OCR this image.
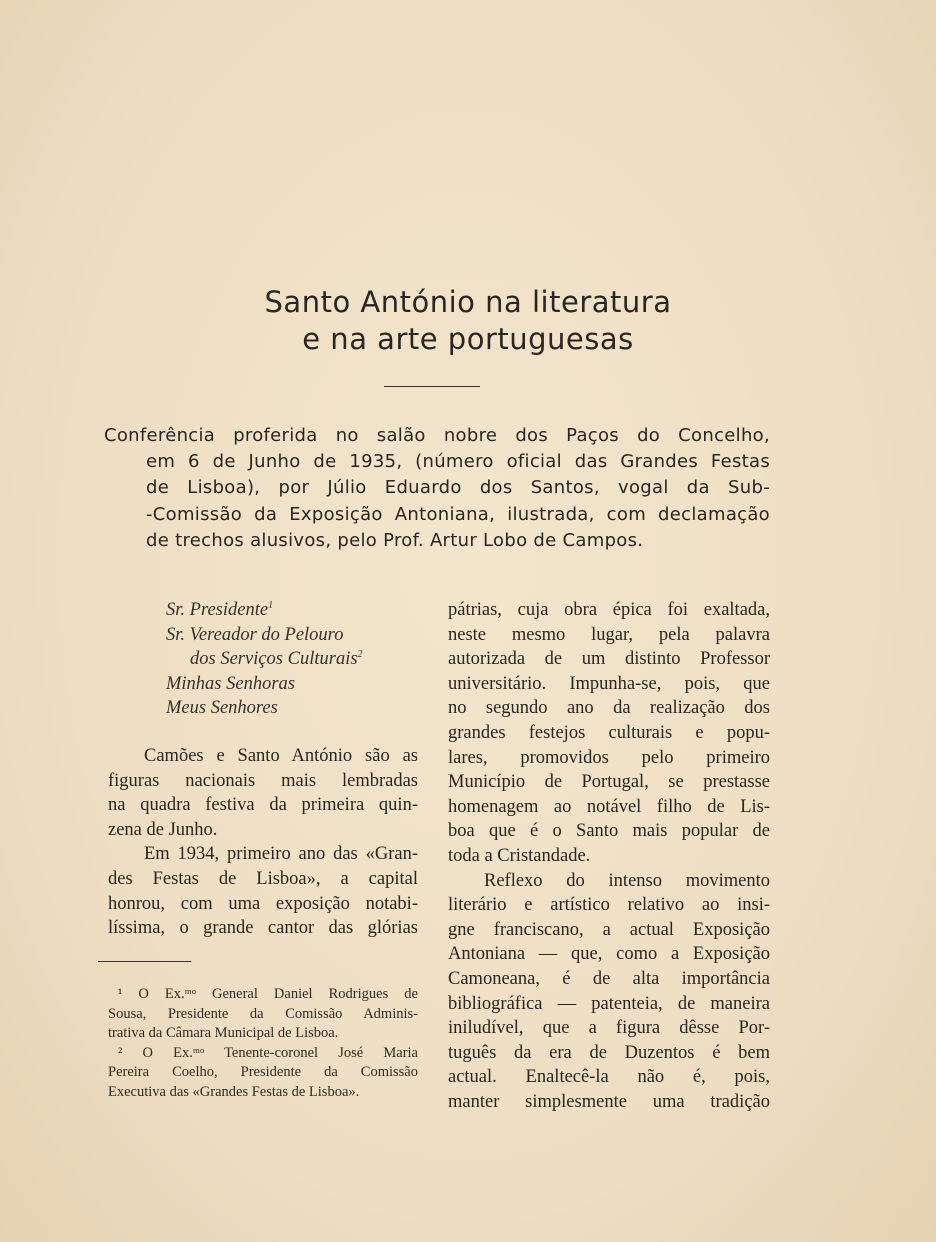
Santo António na literatura
e na arte portuguesas
Conferência proferida no salão nobre dos Paços do Concelho,
em 6 de Junho de 1935, (número oficial das Grandes Festas
de Lisboa), por Júlio Eduardo dos Santos, vogal da Sub-
-Comissão da Exposição Antoniana, ilustrada, com declamação
de trechos alusivos, pelo Prof. Artur Lobo de Campos.
Sr. Presidente$^1$
Sr. Vereador do Pelouro
dos Serviços Culturais$^2$
Minhas Senhoras
Meus Senhores
Camões e Santo António são as
figuras nacionais mais lembradas
na quadra festiva da primeira quin-
zena de Junho.
Em 1934, primeiro ano das «Gran-
des Festas de Lisboa», a capital
honrou, com uma exposição notabi-
líssima, o grande cantor das glórias
¹ O Ex.ᵐᵒ General Daniel Rodrigues de
Sousa, Presidente da Comissão Adminis-
trativa da Câmara Municipal de Lisboa.
² O Ex.ᵐᵒ Tenente-coronel José Maria
Pereira Coelho, Presidente da Comissão
Executiva das «Grandes Festas de Lisboa».
pátrias, cuja obra épica foi exaltada,
neste mesmo lugar, pela palavra
autorizada de um distinto Professor
universitário. Impunha-se, pois, que
no segundo ano da realização dos
grandes festejos culturais e popu-
lares, promovidos pelo primeiro
Município de Portugal, se prestasse
homenagem ao notável filho de Lis-
boa que é o Santo mais popular de
toda a Cristandade.
Reflexo do intenso movimento
literário e artístico relativo ao insi-
gne franciscano, a actual Exposição
Antoniana — que, como a Exposição
Camoneana, é de alta importância
bibliográfica — patenteia, de maneira
iniludível, que a figura dêsse Por-
tuguês da era de Duzentos é bem
actual. Enaltecê-la não é, pois,
manter simplesmente uma tradição
